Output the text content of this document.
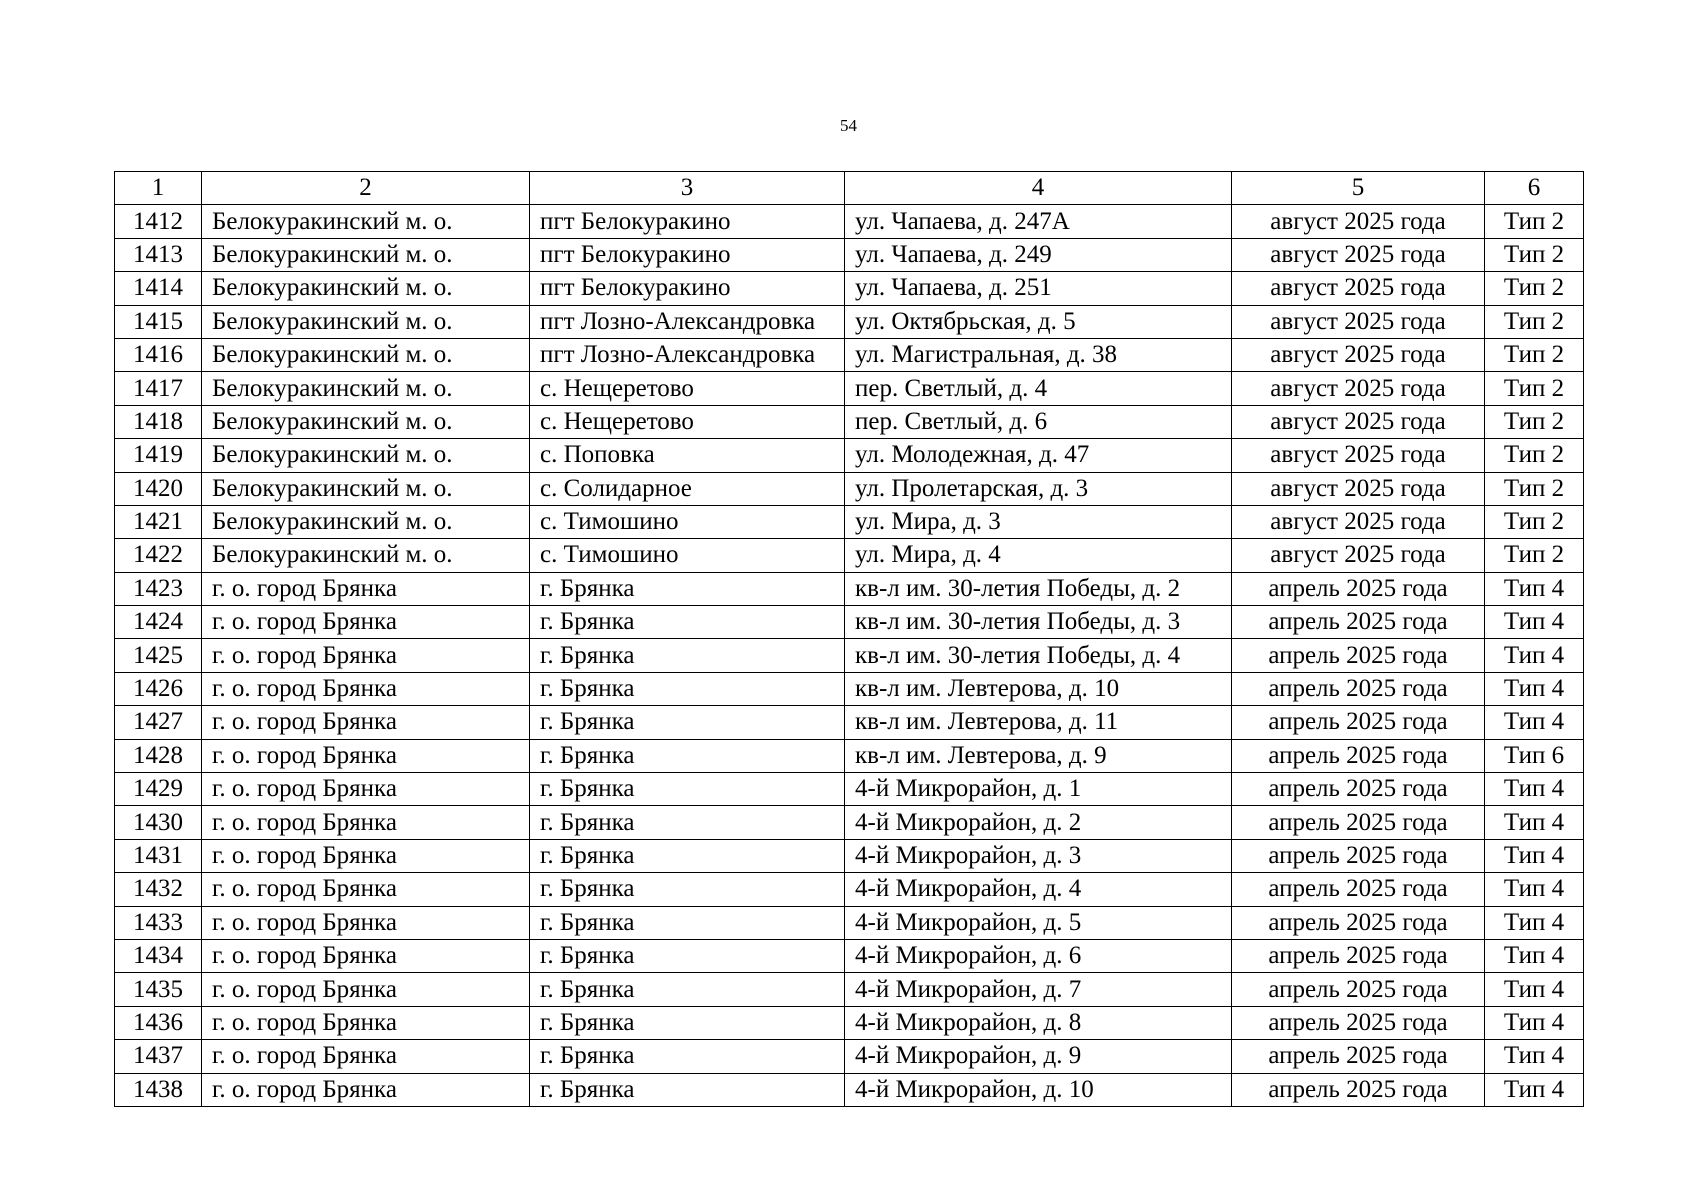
54
1	2	3	4	5	6
1412	Белокуракинский м. о.	пгт Белокуракино	ул. Чапаева, д. 247А	август 2025 года	Тип 2
1413	Белокуракинский м. о.	пгт Белокуракино	ул. Чапаева, д. 249	август 2025 года	Тип 2
1414	Белокуракинский м. о.	пгт Белокуракино	ул. Чапаева, д. 251	август 2025 года	Тип 2
1415	Белокуракинский м. о.	пгт Лозно-Александровка	ул. Октябрьская, д. 5	август 2025 года	Тип 2
1416	Белокуракинский м. о.	пгт Лозно-Александровка	ул. Магистральная, д. 38	август 2025 года	Тип 2
1417	Белокуракинский м. о.	с. Нещеретово	пер. Светлый, д. 4	август 2025 года	Тип 2
1418	Белокуракинский м. о.	с. Нещеретово	пер. Светлый, д. 6	август 2025 года	Тип 2
1419	Белокуракинский м. о.	с. Поповка	ул. Молодежная, д. 47	август 2025 года	Тип 2
1420	Белокуракинский м. о.	с. Солидарное	ул. Пролетарская, д. 3	август 2025 года	Тип 2
1421	Белокуракинский м. о.	с. Тимошино	ул. Мира, д. 3	август 2025 года	Тип 2
1422	Белокуракинский м. о.	с. Тимошино	ул. Мира, д. 4	август 2025 года	Тип 2
1423	г. о. город Брянка	г. Брянка	кв-л им. 30-летия Победы, д. 2	апрель 2025 года	Тип 4
1424	г. о. город Брянка	г. Брянка	кв-л им. 30-летия Победы, д. 3	апрель 2025 года	Тип 4
1425	г. о. город Брянка	г. Брянка	кв-л им. 30-летия Победы, д. 4	апрель 2025 года	Тип 4
1426	г. о. город Брянка	г. Брянка	кв-л им. Левтерова, д. 10	апрель 2025 года	Тип 4
1427	г. о. город Брянка	г. Брянка	кв-л им. Левтерова, д. 11	апрель 2025 года	Тип 4
1428	г. о. город Брянка	г. Брянка	кв-л им. Левтерова, д. 9	апрель 2025 года	Тип 6
1429	г. о. город Брянка	г. Брянка	4-й Микрорайон, д. 1	апрель 2025 года	Тип 4
1430	г. о. город Брянка	г. Брянка	4-й Микрорайон, д. 2	апрель 2025 года	Тип 4
1431	г. о. город Брянка	г. Брянка	4-й Микрорайон, д. 3	апрель 2025 года	Тип 4
1432	г. о. город Брянка	г. Брянка	4-й Микрорайон, д. 4	апрель 2025 года	Тип 4
1433	г. о. город Брянка	г. Брянка	4-й Микрорайон, д. 5	апрель 2025 года	Тип 4
1434	г. о. город Брянка	г. Брянка	4-й Микрорайон, д. 6	апрель 2025 года	Тип 4
1435	г. о. город Брянка	г. Брянка	4-й Микрорайон, д. 7	апрель 2025 года	Тип 4
1436	г. о. город Брянка	г. Брянка	4-й Микрорайон, д. 8	апрель 2025 года	Тип 4
1437	г. о. город Брянка	г. Брянка	4-й Микрорайон, д. 9	апрель 2025 года	Тип 4
1438	г. о. город Брянка	г. Брянка	4-й Микрорайон, д. 10	апрель 2025 года	Тип 4
